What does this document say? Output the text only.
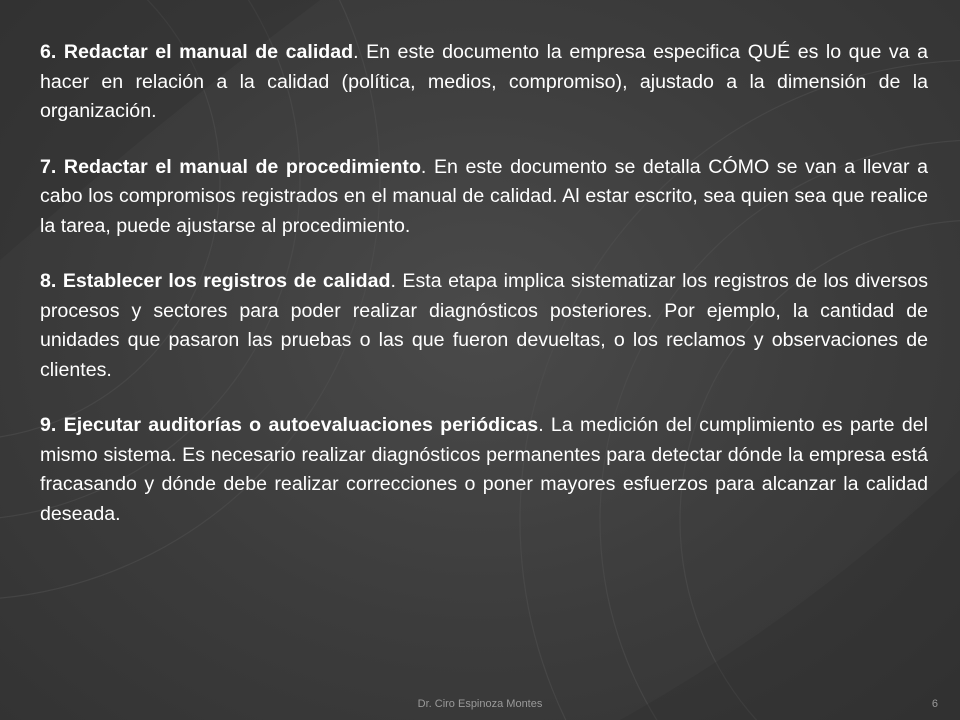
6. Redactar el manual de calidad. En este documento la empresa especifica QUÉ es lo que va a hacer en relación a la calidad (política, medios, compromiso), ajustado a la dimensión de la organización.

7. Redactar el manual de procedimiento. En este documento se detalla CÓMO se van a llevar a cabo los compromisos registrados en el manual de calidad. Al estar escrito, sea quien sea que realice la tarea, puede ajustarse al procedimiento.

8. Establecer los registros de calidad. Esta etapa implica sistematizar los registros de los diversos procesos y sectores para poder realizar diagnósticos posteriores. Por ejemplo, la cantidad de unidades que pasaron las pruebas o las que fueron devueltas, o los reclamos y observaciones de clientes.

9. Ejecutar auditorías o autoevaluaciones periódicas. La medición del cumplimiento es parte del mismo sistema. Es necesario realizar diagnósticos permanentes para detectar dónde la empresa está fracasando y dónde debe realizar correcciones o poner mayores esfuerzos para alcanzar la calidad deseada.

Dr. Ciro Espinoza Montes	6
